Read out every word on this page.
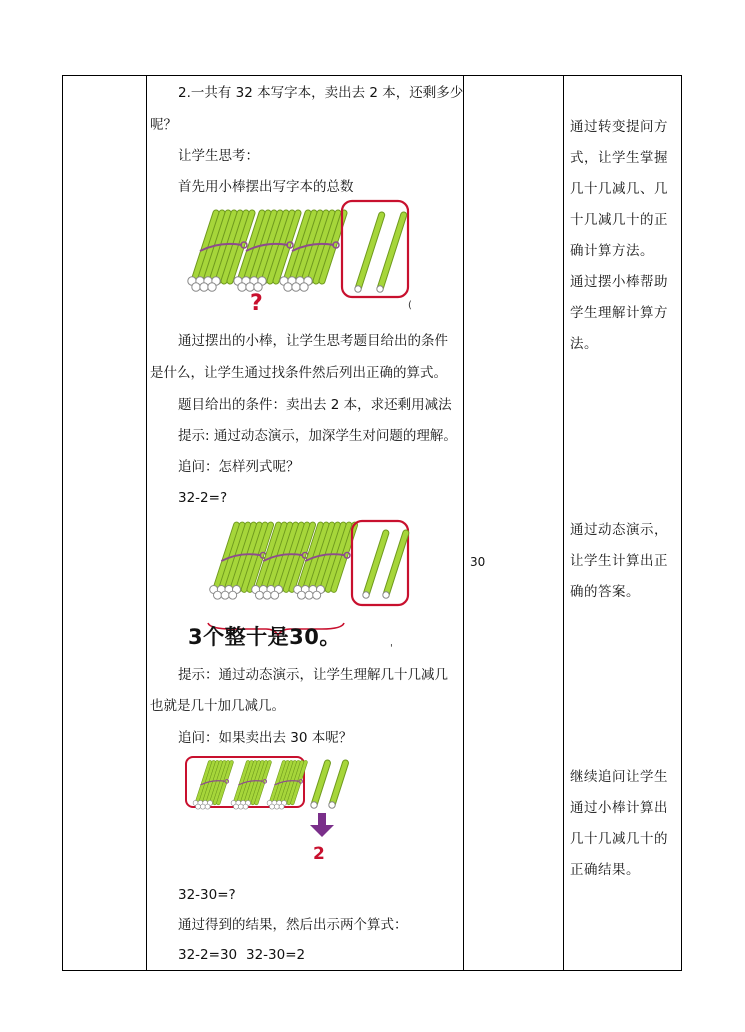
2.一共有 32 本写字本，卖出去 2 本，还剩多少
呢？
让学生思考：
首先用小棒摆出写字本的总数
?	(
通过摆出的小棒，让学生思考题目给出的条件
是什么，让学生通过找条件然后列出正确的算式。
题目给出的条件：卖出去 2 本，求还剩用减法
提示: 通过动态演示，加深学生对问题的理解。
追问：怎样列式呢？
32-2=?
3个整十是30。	'
提示：通过动态演示，让学生理解几十几减几
也就是几十加几减几。
追问：如果卖出去 30 本呢？
2
32-30=?
通过得到的结果，然后出示两个算式：
32-2=30 32-30=2
30
通过转变提问方
式，让学生掌握
几十几减几、几
十几减几十的正
确计算方法。
通过摆小棒帮助
学生理解计算方
法。
通过动态演示，
让学生计算出正
确的答案。
继续追问让学生
通过小棒计算出
几十几减几十的
正确结果。
